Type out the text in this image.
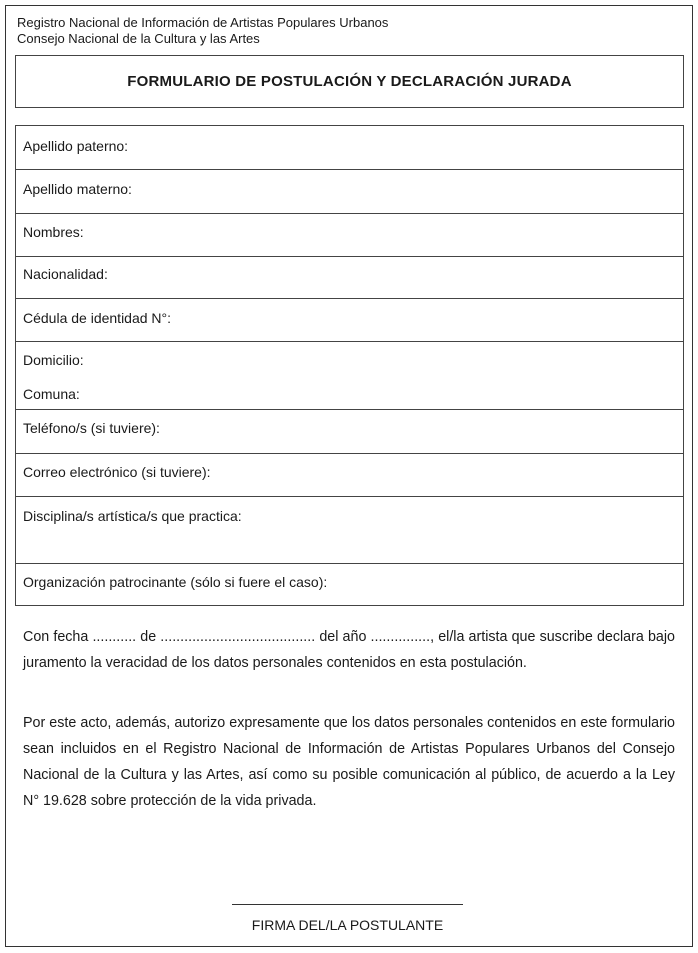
Registro Nacional de Información de Artistas Populares Urbanos
Consejo Nacional de la Cultura y las Artes
FORMULARIO DE POSTULACIÓN Y DECLARACIÓN JURADA
Apellido paterno:
Apellido materno:
Nombres:
Nacionalidad:
Cédula de identidad N°:
Domicilio:
Comuna:
Teléfono/s (si tuviere):
Correo electrónico (si tuviere):
Disciplina/s artística/s que practica:
Organización patrocinante (sólo si fuere el caso):
Con fecha ........... de ....................................... del año ..............., el/la artista que suscribe declara bajo juramento la veracidad de los datos personales contenidos en esta postulación.
Por este acto, además, autorizo expresamente que los datos personales contenidos en este formulario sean incluidos en el Registro Nacional de Información de Artistas Populares Urbanos del Consejo Nacional de la Cultura y las Artes, así como su posible comunicación al público, de acuerdo a la Ley N° 19.628 sobre protección de la vida privada.
FIRMA DEL/LA POSTULANTE
